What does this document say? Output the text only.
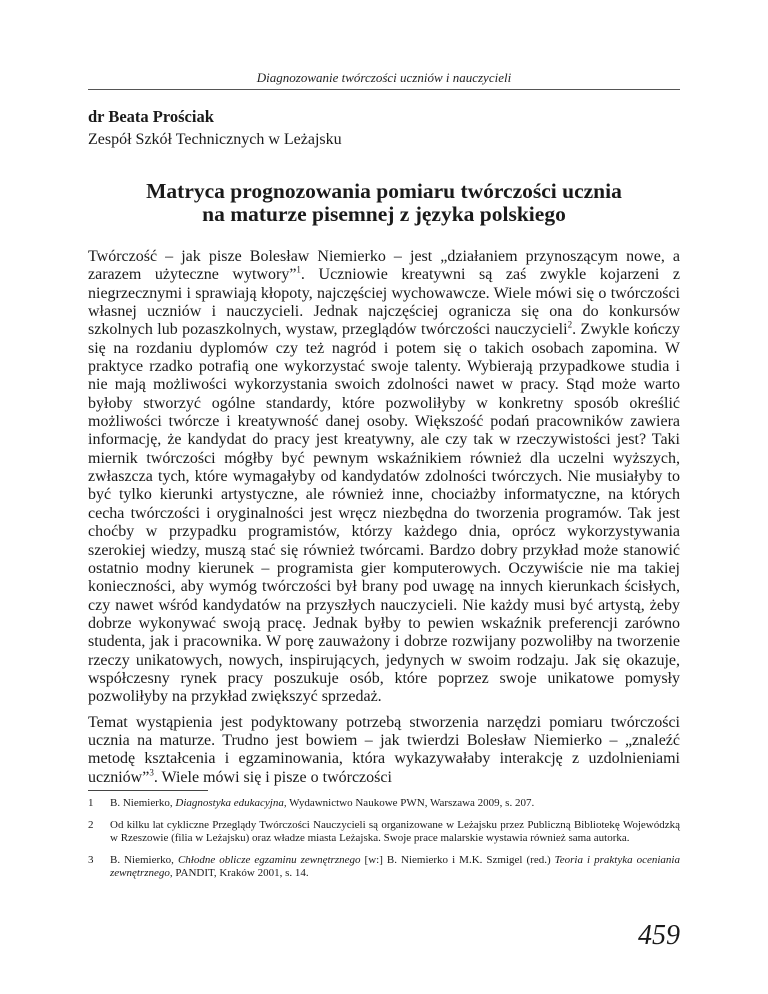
Diagnozowanie twórczości uczniów i nauczycieli
dr Beata Prościak
Zespół Szkół Technicznych w Leżajsku
Matryca prognozowania pomiaru twórczości ucznia
na maturze pisemnej z języka polskiego

Twórczość – jak pisze Bolesław Niemierko – jest „działaniem przynoszącym nowe, a zarazem użyteczne wytwory”$^1$. Uczniowie kreatywni są zaś zwykle kojarzeni z niegrzecznymi i sprawiają kłopoty, najczęściej wychowawcze. Wiele mówi się o twórczości własnej uczniów i nauczycieli. Jednak najczęściej ogranicza się ona do konkursów szkolnych lub pozaszkolnych, wystaw, przeglądów twórczości nauczycieli$^2$. Zwykle kończy się na rozdaniu dyplomów czy też nagród i potem się o takich osobach zapomina. W praktyce rzadko potrafią one wykorzystać swoje talenty. Wybierają przypadkowe studia i nie mają możliwości wykorzystania swoich zdolności nawet w pracy. Stąd może warto byłoby stworzyć ogólne standardy, które pozwoliłyby w konkretny sposób określić możliwości twórcze i kreatywność danej osoby. Większość podań pracowników zawiera informację, że kandydat do pracy jest kreatywny, ale czy tak w rzeczywistości jest? Taki miernik twórczości mógłby być pewnym wskaźnikiem również dla uczelni wyższych, zwłaszcza tych, które wymagałyby od kandydatów zdolności twórczych. Nie musiałyby to być tylko kierunki artystyczne, ale również inne, chociażby informatyczne, na których cecha twórczości i oryginalności jest wręcz niezbędna do tworzenia programów. Tak jest choćby w przypadku programistów, którzy każdego dnia, oprócz wykorzystywania szerokiej wiedzy, muszą stać się również twórcami. Bardzo dobry przykład może stanowić ostatnio modny kierunek – programista gier komputerowych. Oczywiście nie ma takiej konieczności, aby wymóg twórczości był brany pod uwagę na innych kierunkach ścisłych, czy nawet wśród kandydatów na przyszłych nauczycieli. Nie każdy musi być artystą, żeby dobrze wykonywać swoją pracę. Jednak byłby to pewien wskaźnik preferencji zarówno studenta, jak i pracownika. W porę zauważony i dobrze rozwijany pozwoliłby na tworzenie rzeczy unikatowych, nowych, inspirujących, jedynych w swoim rodzaju. Jak się okazuje, współczesny rynek pracy poszukuje osób, które poprzez swoje unikatowe pomysły pozwoliłyby na przykład zwiększyć sprzedaż.

Temat wystąpienia jest podyktowany potrzebą stworzenia narzędzi pomiaru twórczości ucznia na maturze. Trudno jest bowiem – jak twierdzi Bolesław Niemierko – „znaleźć metodę kształcenia i egzaminowania, która wykazywałaby interakcję z uzdolnieniami uczniów”$^3$. Wiele mówi się i pisze o twórczości

1 B. Niemierko, Diagnostyka edukacyjna, Wydawnictwo Naukowe PWN, Warszawa 2009, s. 207.
2 Od kilku lat cykliczne Przeglądy Twórczości Nauczycieli są organizowane w Leżajsku przez Publiczną Bibliotekę Wojewódzką w Rzeszowie (filia w Leżajsku) oraz władze miasta Leżajska. Swoje prace malarskie wystawia również sama autorka.
3 B. Niemierko, Chłodne oblicze egzaminu zewnętrznego [w:] B. Niemierko i M.K. Szmigel (red.) Teoria i praktyka oceniania zewnętrznego, PANDIT, Kraków 2001, s. 14.
459
